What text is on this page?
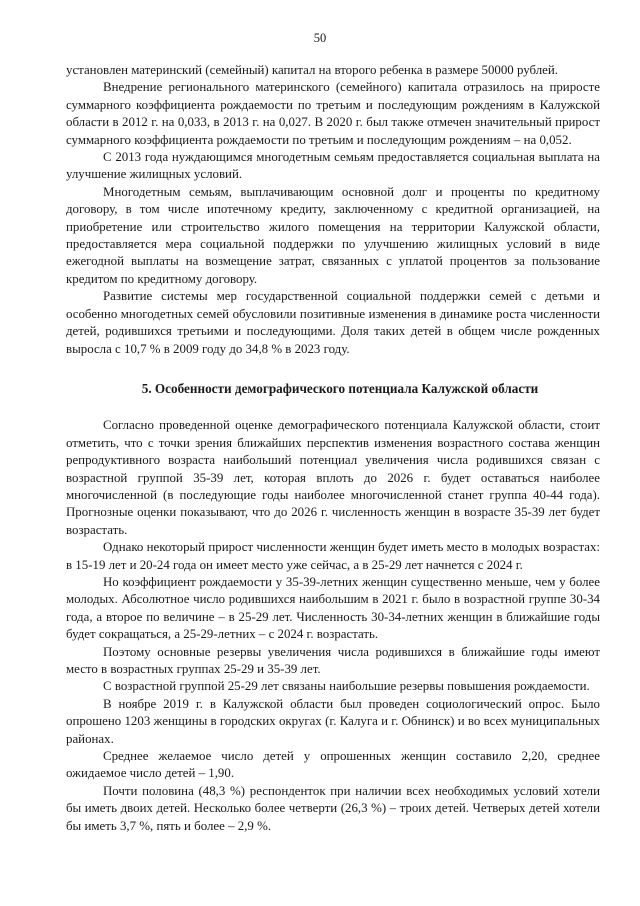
50

установлен материнский (семейный) капитал на второго ребенка в размере 50000 рублей.

Внедрение регионального материнского (семейного) капитала отразилось на приросте суммарного коэффициента рождаемости по третьим и последующим рождениям в Калужской области в 2012 г. на 0,033, в 2013 г. на 0,027. В 2020 г. был также отмечен значительный прирост суммарного коэффициента рождаемости по третьим и последующим рождениям – на 0,052.

С 2013 года нуждающимся многодетным семьям предоставляется социальная выплата на улучшение жилищных условий.

Многодетным семьям, выплачивающим основной долг и проценты по кредитному договору, в том числе ипотечному кредиту, заключенному с кредитной организацией, на приобретение или строительство жилого помещения на территории Калужской области, предоставляется мера социальной поддержки по улучшению жилищных условий в виде ежегодной выплаты на возмещение затрат, связанных с уплатой процентов за пользование кредитом по кредитному договору.

Развитие системы мер государственной социальной поддержки семей с детьми и особенно многодетных семей обусловили позитивные изменения в динамике роста численности детей, родившихся третьими и последующими. Доля таких детей в общем числе рожденных выросла с 10,7 % в 2009 году до 34,8 % в 2023 году.

5. Особенности демографического потенциала Калужской области

Согласно проведенной оценке демографического потенциала Калужской области, стоит отметить, что с точки зрения ближайших перспектив изменения возрастного состава женщин репродуктивного возраста наибольший потенциал увеличения числа родившихся связан с возрастной группой 35-39 лет, которая вплоть до 2026 г. будет оставаться наиболее многочисленной (в последующие годы наиболее многочисленной станет группа 40-44 года). Прогнозные оценки показывают, что до 2026 г. численность женщин в возрасте 35-39 лет будет возрастать.

Однако некоторый прирост численности женщин будет иметь место в молодых возрастах: в 15-19 лет и 20-24 года он имеет место уже сейчас, а в 25-29 лет начнется с 2024 г.

Но коэффициент рождаемости у 35-39-летних женщин существенно меньше, чем у более молодых. Абсолютное число родившихся наибольшим в 2021 г. было в возрастной группе 30-34 года, а второе по величине – в 25-29 лет. Численность 30-34-летних женщин в ближайшие годы будет сокращаться, а 25-29-летних – с 2024 г. возрастать.

Поэтому основные резервы увеличения числа родившихся в ближайшие годы имеют место в возрастных группах 25-29 и 35-39 лет.

С возрастной группой 25-29 лет связаны наибольшие резервы повышения рождаемости.

В ноябре 2019 г. в Калужской области был проведен социологический опрос. Было опрошено 1203 женщины в городских округах (г. Калуга и г. Обнинск) и во всех муниципальных районах.

Среднее желаемое число детей у опрошенных женщин составило 2,20, среднее ожидаемое число детей – 1,90.

Почти половина (48,3 %) респонденток при наличии всех необходимых условий хотели бы иметь двоих детей. Несколько более четверти (26,3 %) – троих детей. Четверых детей хотели бы иметь 3,7 %, пять и более – 2,9 %.
